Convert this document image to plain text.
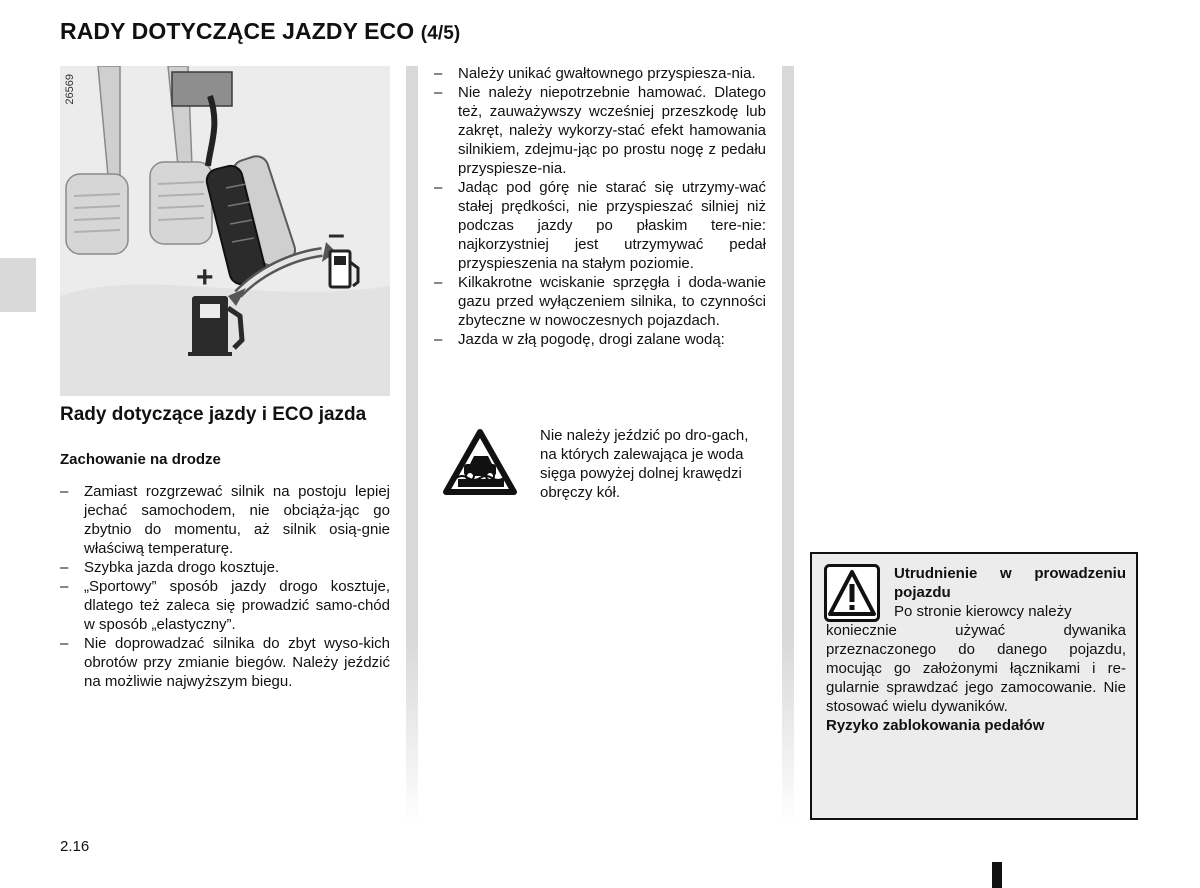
RADY DOTYCZĄCE JAZDY ECO (4/5)
+
–
26569
Rady dotyczące jazdy i ECO jazda
Zachowanie na drodze
– Zamiast rozgrzewać silnik na postoju lepiej jechać samochodem, nie obciąża-jąc go zbytnio do momentu, aż silnik osią-gnie właściwą temperaturę.
– Szybka jazda drogo kosztuje.
– „Sportowy” sposób jazdy drogo kosztuje, dlatego też zaleca się prowadzić samo-chód w sposób „elastyczny”.
– Nie doprowadzać silnika do zbyt wyso-kich obrotów przy zmianie biegów. Należy jeździć na możliwie najwyższym biegu.
– Należy unikać gwałtownego przyspiesza-nia.
– Nie należy niepotrzebnie hamować. Dlatego też, zauważywszy wcześniej przeszkodę lub zakręt, należy wykorzy-stać efekt hamowania silnikiem, zdejmu-jąc po prostu nogę z pedału przyspiesze-nia.
– Jadąc pod górę nie starać się utrzymy-wać stałej prędkości, nie przyspieszać silniej niż podczas jazdy po płaskim tere-nie: najkorzystniej jest utrzymywać pedał przyspieszenia na stałym poziomie.
– Kilkakrotne wciskanie sprzęgła i doda-wanie gazu przed wyłączeniem silnika, to czynności zbyteczne w nowoczesnych pojazdach.
– Jazda w złą pogodę, drogi zalane wodą:
Nie należy jeździć po dro-gach, na których zalewająca je woda sięga powyżej dolnej krawędzi obręczy kół.
Utrudnienie w prowadzeniu pojazdu
Po stronie kierowcy należy
koniecznie używać dywanika przeznaczonego do danego pojazdu, mocując go założonymi łącznikami i re-gularnie sprawdzać jego zamocowanie. Nie stosować wielu dywaników.
Ryzyko zablokowania pedałów
2.16
